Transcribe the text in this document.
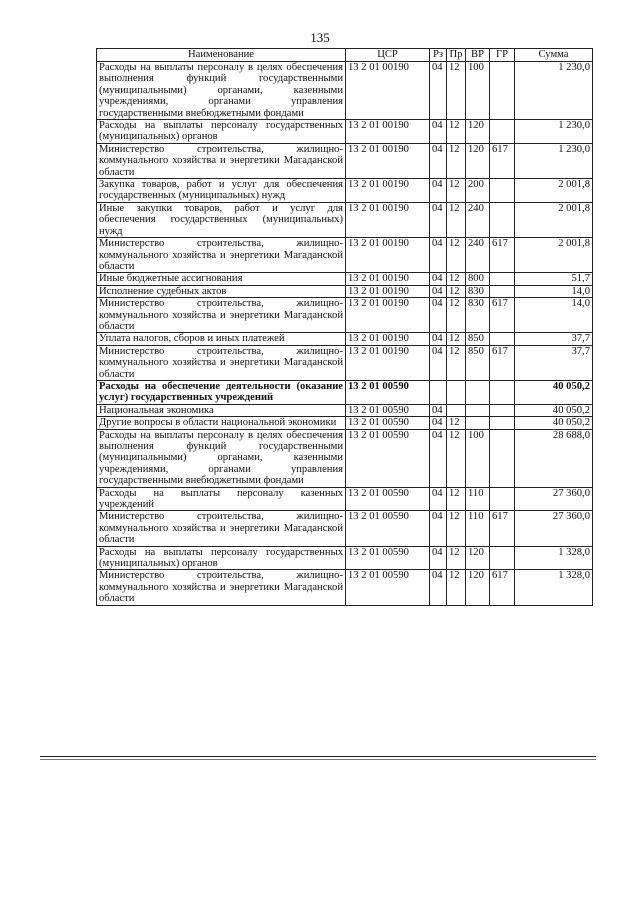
135
Наименование	ЦСР	Рз	Пр	ВР	ГР	Сумма
Расходы на выплаты персоналу в целях обеспечения выполнения функций государственными (муниципальными) органами, казенными учреждениями, органами управления государственными внебюджетными фондами	13 2 01 00190	04	12	100		1 230,0
Расходы на выплаты персоналу государственных (муниципальных) органов	13 2 01 00190	04	12	120		1 230,0
Министерство строительства, жилищно-коммунального хозяйства и энергетики Магаданской области	13 2 01 00190	04	12	120	617	1 230,0
Закупка товаров, работ и услуг для обеспечения государственных (муниципальных) нужд	13 2 01 00190	04	12	200		2 001,8
Иные закупки товаров, работ и услуг для обеспечения государственных (муниципальных) нужд	13 2 01 00190	04	12	240		2 001,8
Министерство строительства, жилищно-коммунального хозяйства и энергетики Магаданской области	13 2 01 00190	04	12	240	617	2 001,8
Иные бюджетные ассигнования	13 2 01 00190	04	12	800		51,7
Исполнение судебных актов	13 2 01 00190	04	12	830		14,0
Министерство строительства, жилищно-коммунального хозяйства и энергетики Магаданской области	13 2 01 00190	04	12	830	617	14,0
Уплата налогов, сборов и иных платежей	13 2 01 00190	04	12	850		37,7
Министерство строительства, жилищно-коммунального хозяйства и энергетики Магаданской области	13 2 01 00190	04	12	850	617	37,7
Расходы на обеспечение деятельности (оказание услуг) государственных учреждений	13 2 01 00590					40 050,2
Национальная экономика	13 2 01 00590	04				40 050,2
Другие вопросы в области национальной экономики	13 2 01 00590	04	12			40 050,2
Расходы на выплаты персоналу в целях обеспечения выполнения функций государственными (муниципальными) органами, казенными учреждениями, органами управления государственными внебюджетными фондами	13 2 01 00590	04	12	100		28 688,0
Расходы на выплаты персоналу казенных учреждений	13 2 01 00590	04	12	110		27 360,0
Министерство строительства, жилищно-коммунального хозяйства и энергетики Магаданской области	13 2 01 00590	04	12	110	617	27 360,0
Расходы на выплаты персоналу государственных (муниципальных) органов	13 2 01 00590	04	12	120		1 328,0
Министерство строительства, жилищно-коммунального хозяйства и энергетики Магаданской области	13 2 01 00590	04	12	120	617	1 328,0
